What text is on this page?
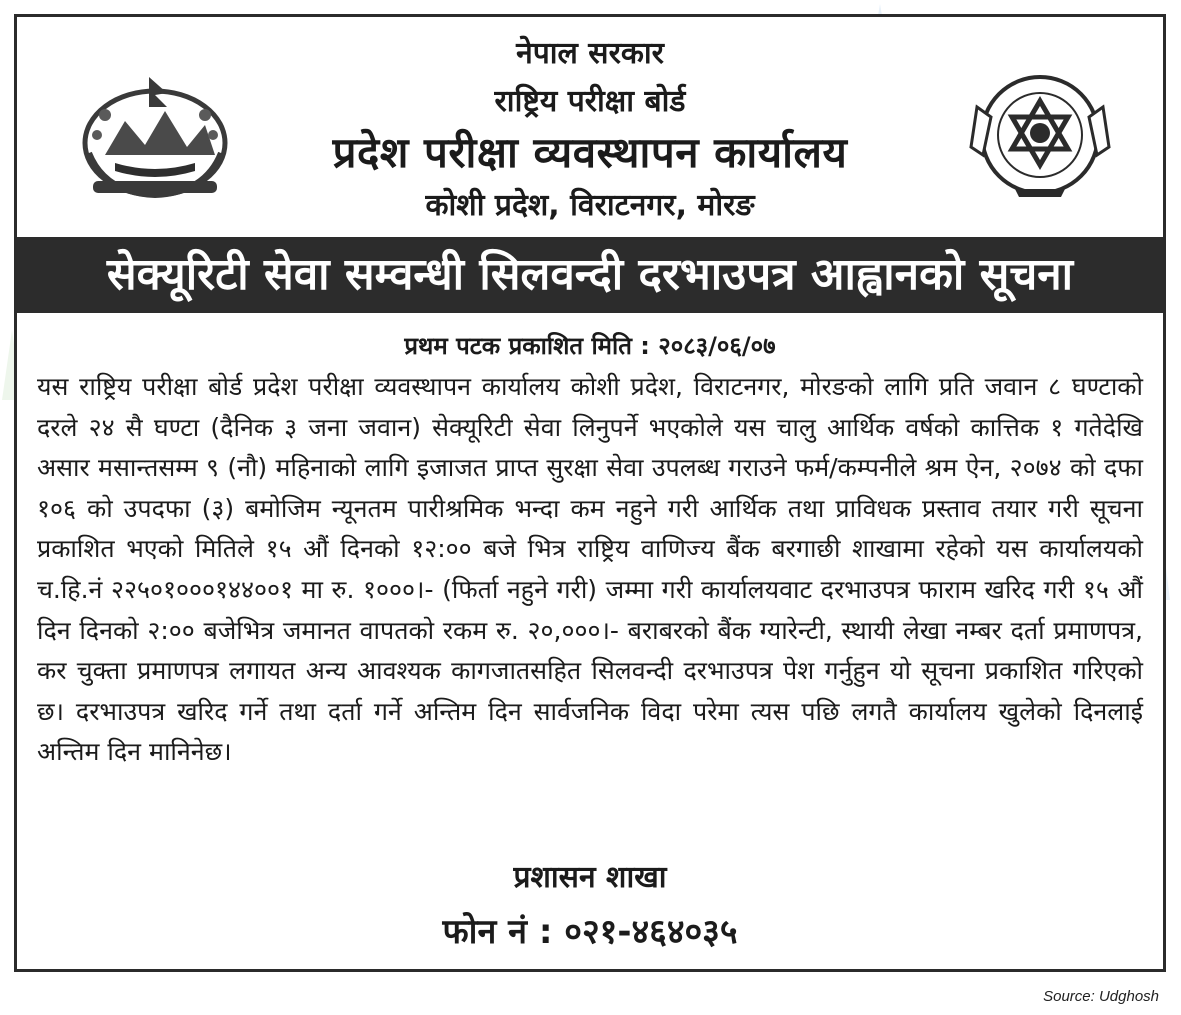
नेपाल सरकार
राष्ट्रिय परीक्षा बोर्ड
प्रदेश परीक्षा व्यवस्थापन कार्यालय
कोशी प्रदेश, विराटनगर, मोरङ
सेक्यूरिटी सेवा सम्वन्धी सिलवन्दी दरभाउपत्र आह्वानको सूचना
प्रथम पटक प्रकाशित मिति : २०८३/०६/०७
यस राष्ट्रिय परीक्षा बोर्ड प्रदेश परीक्षा व्यवस्थापन कार्यालय कोशी प्रदेश, विराटनगर, मोरङको लागि प्रति जवान ८ घण्टाको दरले २४ सै घण्टा (दैनिक ३ जना जवान) सेक्यूरिटी सेवा लिनुपर्ने भएकोले यस चालु आर्थिक वर्षको कात्तिक १ गतेदेखि असार मसान्तसम्म ९ (नौ) महिनाको लागि इजाजत प्राप्त सुरक्षा सेवा उपलब्ध गराउने फर्म/कम्पनीले श्रम ऐन, २०७४ को दफा १०६ को उपदफा (३) बमोजिम न्यूनतम पारीश्रमिक भन्दा कम नहुने गरी आर्थिक तथा प्राविधक प्रस्ताव तयार गरी सूचना प्रकाशित भएको मितिले १५ औं दिनको १२:०० बजे भित्र राष्ट्रिय वाणिज्य बैंक बरगाछी शाखामा रहेको यस कार्यालयको च.हि.नं २२५०१०००१४४००१ मा रु. १०००।- (फिर्ता नहुने गरी) जम्मा गरी कार्यालयवाट दरभाउपत्र फाराम खरिद गरी १५ औं दिन दिनको २:०० बजेभित्र जमानत वापतको रकम रु. २०,०००।- बराबरको बैंक ग्यारेन्टी, स्थायी लेखा नम्बर दर्ता प्रमाणपत्र, कर चुक्ता प्रमाणपत्र लगायत अन्य आवश्यक कागजातसहित सिलवन्दी दरभाउपत्र पेश गर्नुहुन यो सूचना प्रकाशित गरिएको छ। दरभाउपत्र खरिद गर्ने तथा दर्ता गर्ने अन्तिम दिन सार्वजनिक विदा परेमा त्यस पछि लगतै कार्यालय खुलेको दिनलाई अन्तिम दिन मानिनेछ।
प्रशासन शाखा
फोन नं : ०२१-४६४०३५
Source: Udghosh
